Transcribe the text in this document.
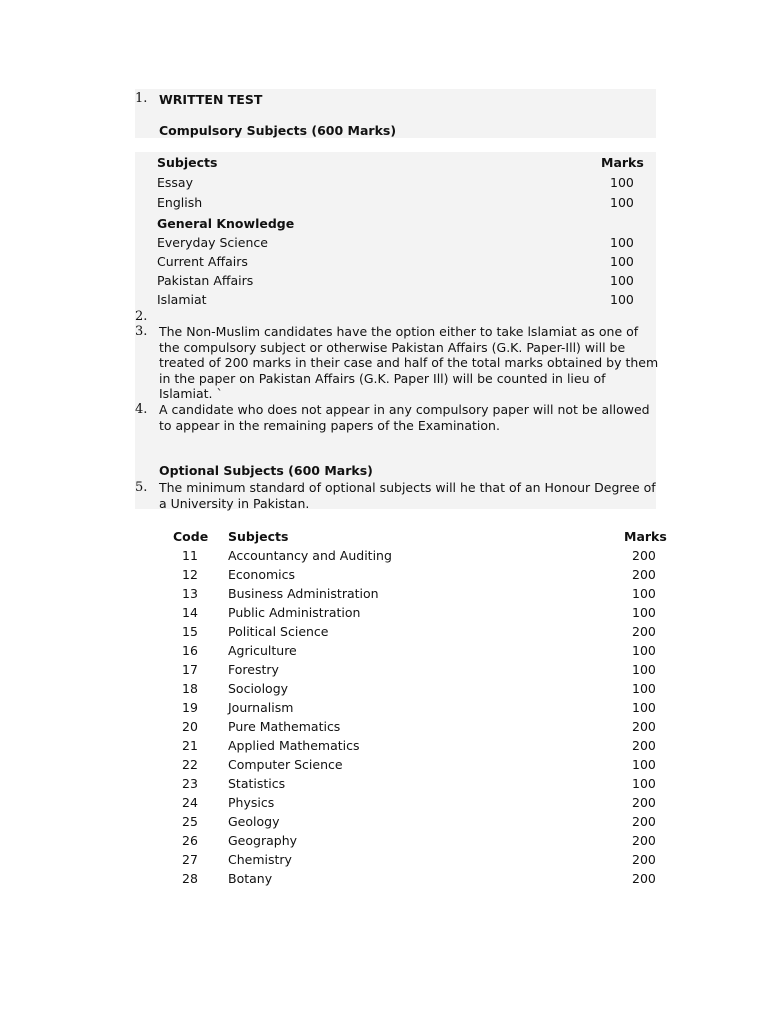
1. WRITTEN TEST
Compulsory Subjects (600 Marks)
Subjects	Marks
Essay	100
English	100
General Knowledge
Everyday Science	100
Current Affairs	100
Pakistan Affairs	100
Islamiat	100
2.
3. The Non-Muslim candidates have the option either to take lslamiat as one of the compulsory subject or otherwise Pakistan Affairs (G.K. Paper-Ill) will be treated of 200 marks in their case and half of the total marks obtained by them in the paper on Pakistan Affairs (G.K. Paper Ill) will be counted in lieu of Islamiat. `
4. A candidate who does not appear in any compulsory paper will not be allowed to appear in the remaining papers of the Examination.
Optional Subjects (600 Marks)
5. The minimum standard of optional subjects will he that of an Honour Degree of a University in Pakistan.
Code Subjects	Marks
11	Accountancy and Auditing	200
12	Economics	200
13	Business Administration	100
14	Public Administration	100
15	Political Science	200
16	Agriculture	100
17	Forestry	100
18	Sociology	100
19	Journalism	100
20	Pure Mathematics	200
21	Applied Mathematics	200
22	Computer Science	100
23	Statistics	100
24	Physics	200
25	Geology	200
26	Geography	200
27	Chemistry	200
28	Botany	200
